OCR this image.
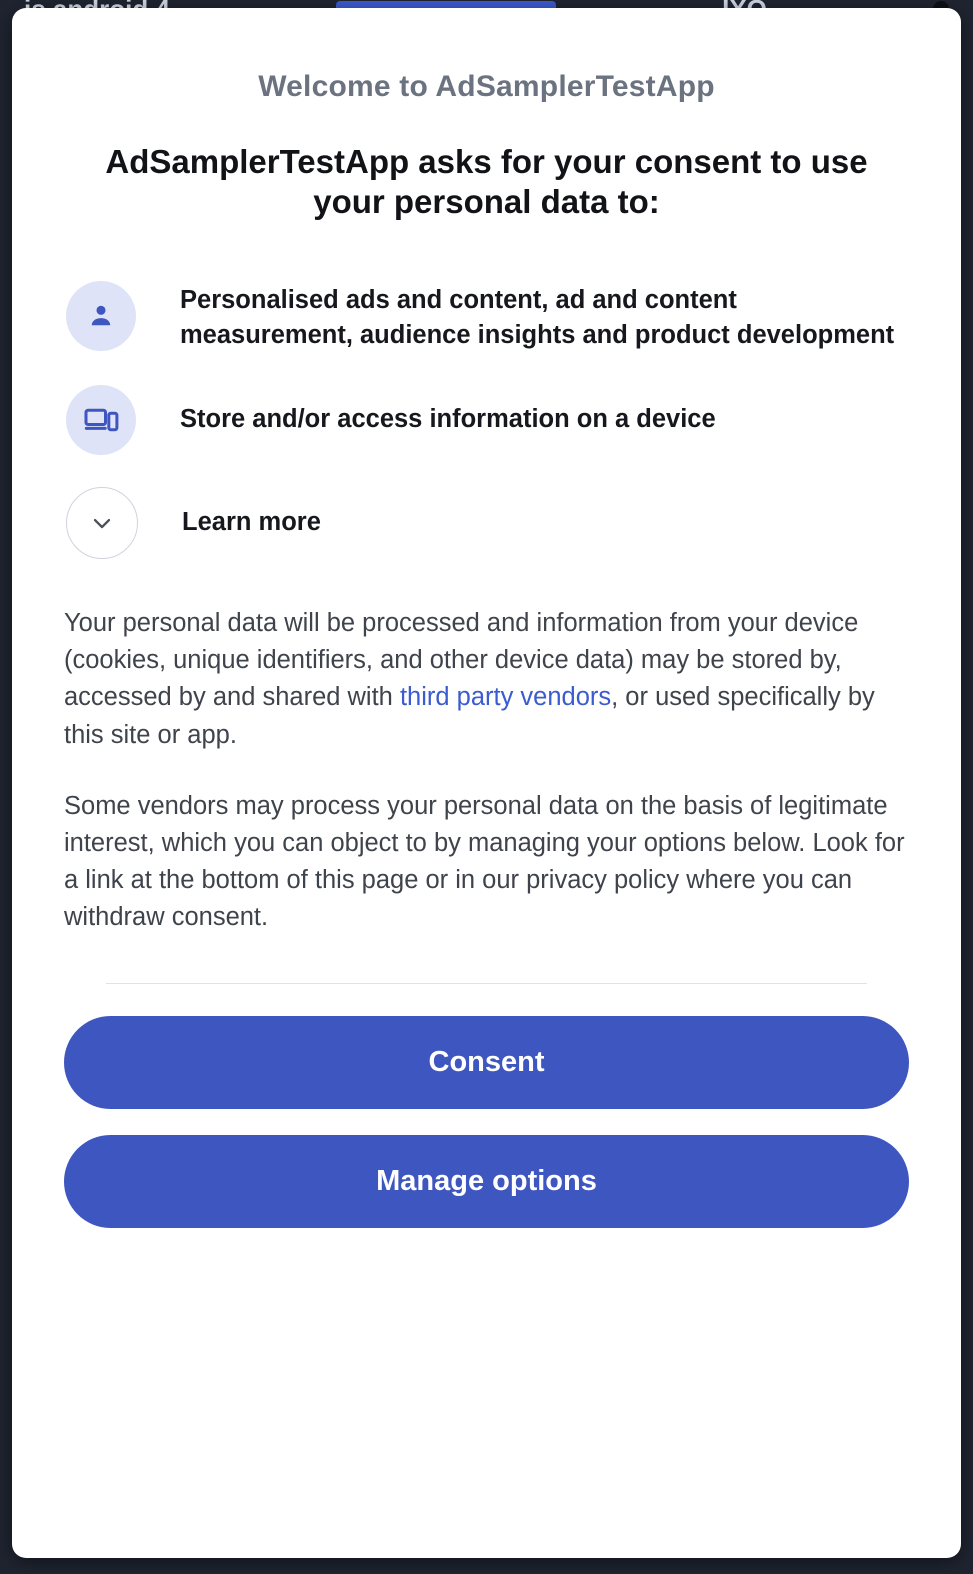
Welcome to AdSamplerTestApp
AdSamplerTestApp asks for your consent to use your personal data to:
Personalised ads and content, ad and content measurement, audience insights and product development
Store and/or access information on a device
Learn more

Your personal data will be processed and information from your device (cookies, unique identifiers, and other device data) may be stored by, accessed by and shared with third party vendors, or used specifically by this site or app.

Some vendors may process your personal data on the basis of legitimate interest, which you can object to by managing your options below. Look for a link at the bottom of this page or in our privacy policy where you can withdraw consent.

Consent
Manage options
